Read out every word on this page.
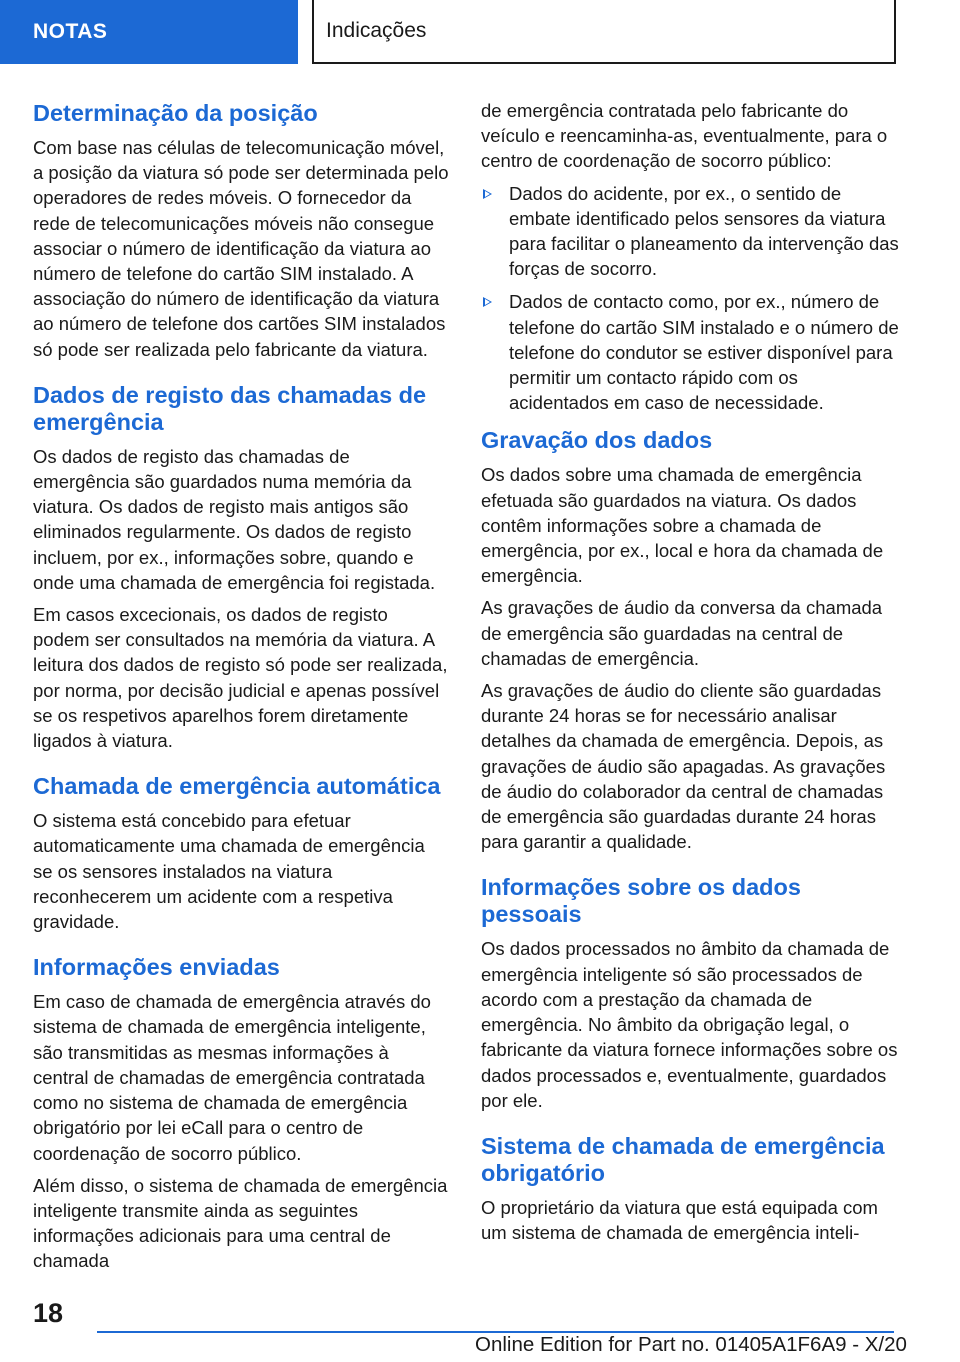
NOTAS	Indicações
Determinação da posição

Com base nas células de telecomunicação móvel, a posição da viatura só pode ser determinada pelo operadores de redes móveis. O fornecedor da rede de telecomunicações móveis não consegue associar o número de identificação da viatura ao número de telefone do cartão SIM instalado. A associação do número de identificação da viatura ao número de telefone dos cartões SIM instalados só pode ser realizada pelo fabricante da viatura.

Dados de registo das chamadas de emergência

Os dados de registo das chamadas de emergência são guardados numa memória da viatura. Os dados de registo mais antigos são eliminados regularmente. Os dados de registo incluem, por ex., informações sobre, quando e onde uma chamada de emergência foi registada.

Em casos excecionais, os dados de registo podem ser consultados na memória da viatura. A leitura dos dados de registo só pode ser realizada, por norma, por decisão judicial e apenas possível se os respetivos aparelhos forem diretamente ligados à viatura.

Chamada de emergência automática

O sistema está concebido para efetuar automaticamente uma chamada de emergência se os sensores instalados na viatura reconhecerem um acidente com a respetiva gravidade.

Informações enviadas

Em caso de chamada de emergência através do sistema de chamada de emergência inteligente, são transmitidas as mesmas informações à central de chamadas de emergência contratada como no sistema de chamada de emergência obrigatório por lei eCall para o centro de coordenação de socorro público.

Além disso, o sistema de chamada de emergência inteligente transmite ainda as seguintes informações adicionais para uma central de chamada

de emergência contratada pelo fabricante do veículo e reencaminha-as, eventualmente, para o centro de coordenação de socorro público:

Dados do acidente, por ex., o sentido de embate identificado pelos sensores da viatura para facilitar o planeamento da intervenção das forças de socorro.
Dados de contacto como, por ex., número de telefone do cartão SIM instalado e o número de telefone do condutor se estiver disponível para permitir um contacto rápido com os acidentados em caso de necessidade.
Gravação dos dados

Os dados sobre uma chamada de emergência efetuada são guardados na viatura. Os dados contêm informações sobre a chamada de emergência, por ex., local e hora da chamada de emergência.

As gravações de áudio da conversa da chamada de emergência são guardadas na central de chamadas de emergência.

As gravações de áudio do cliente são guardadas durante 24 horas se for necessário analisar detalhes da chamada de emergência. Depois, as gravações de áudio são apagadas. As gravações de áudio do colaborador da central de chamadas de emergência são guardadas durante 24 horas para garantir a qualidade.

Informações sobre os dados pessoais

Os dados processados no âmbito da chamada de emergência inteligente só são processados de acordo com a prestação da chamada de emergência. No âmbito da obrigação legal, o fabricante da viatura fornece informações sobre os dados processados e, eventualmente, guardados por ele.

Sistema de chamada de emergência obrigatório

O proprietário da viatura que está equipada com um sistema de chamada de emergência inteli-

18
Online Edition for Part no. 01405A1F6A9 - X/20
